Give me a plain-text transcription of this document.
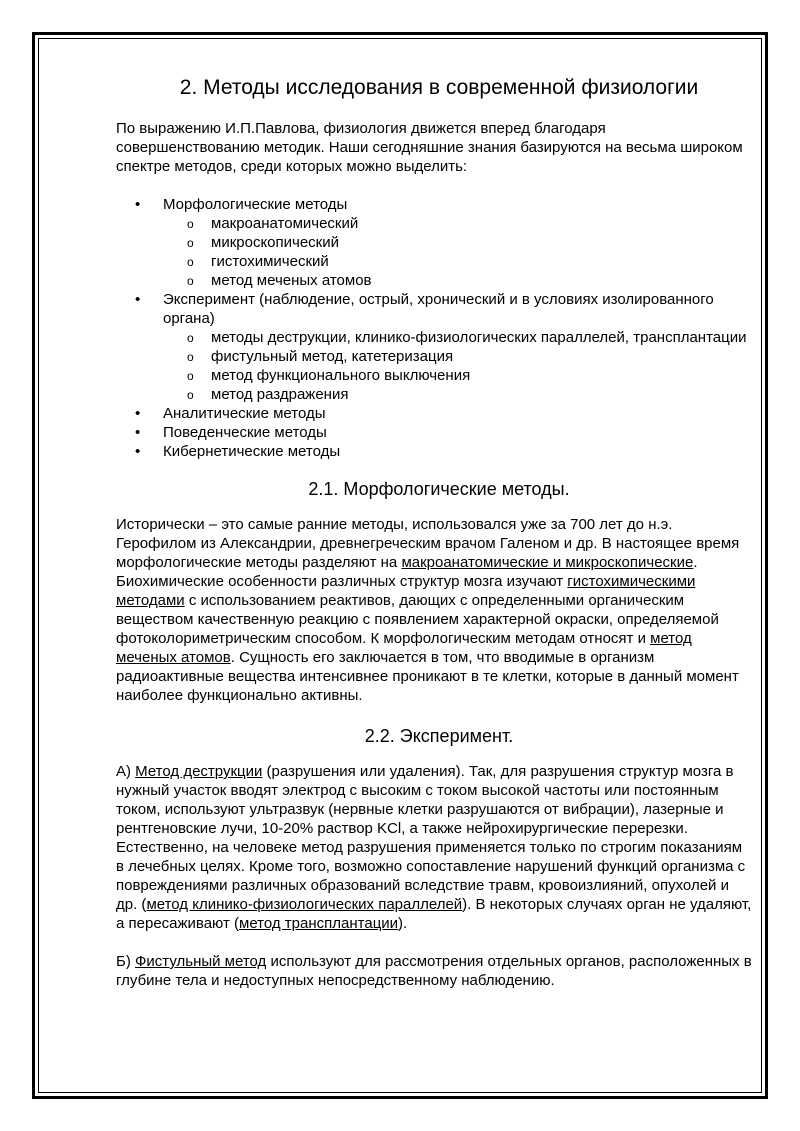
2. Методы исследования в современной физиологии

По выражению И.П.Павлова, физиология движется вперед благодаря совершенствованию методик. Наши сегодняшние знания базируются на весьма широком спектре методов, среди которых можно выделить:

• Морфологические методы
o макроанатомический
o микроскопический
o гистохимический
o метод меченых атомов
• Эксперимент (наблюдение, острый, хронический и в условиях изолированного органа)
o методы деструкции, клинико-физиологических параллелей, трансплантации
o фистульный метод, катетеризация
o метод функционального выключения
o метод раздражения
• Аналитические методы
• Поведенческие методы
• Кибернетические методы
2.1. Морфологические методы.

Исторически – это самые ранние методы, использовался уже за 700 лет до н.э. Герофилом из Александрии, древнегреческим врачом Галеном и др. В настоящее время морфологические методы разделяют на макроанатомические и микроскопические. Биохимические особенности различных структур мозга изучают гистохимическими методами с использованием реактивов, дающих с определенными органическим веществом качественную реакцию с появлением характерной окраски, определяемой фотоколориметрическим способом. К морфологическим методам относят и метод меченых атомов. Сущность его заключается в том, что вводимые в организм радиоактивные вещества интенсивнее проникают в те клетки, которые в данный момент наиболее функционально активны.

2.2. Эксперимент.

А) Метод деструкции (разрушения или удаления). Так, для разрушения структур мозга в нужный участок вводят электрод с высоким с током высокой частоты или постоянным током, используют ультразвук (нервные клетки разрушаются от вибрации), лазерные и рентгеновские лучи, 10-20% раствор KCl, а также нейрохирургические перерезки. Естественно, на человеке метод разрушения применяется только по строгим показаниям в лечебных целях. Кроме того, возможно сопоставление нарушений функций организма с повреждениями различных образований вследствие травм, кровоизлияний, опухолей и др. (метод клинико-физиологических параллелей). В некоторых случаях орган не удаляют, а пересаживают (метод трансплантации).

Б) Фистульный метод используют для рассмотрения отдельных органов, расположенных в глубине тела и недоступных непосредственному наблюдению.
